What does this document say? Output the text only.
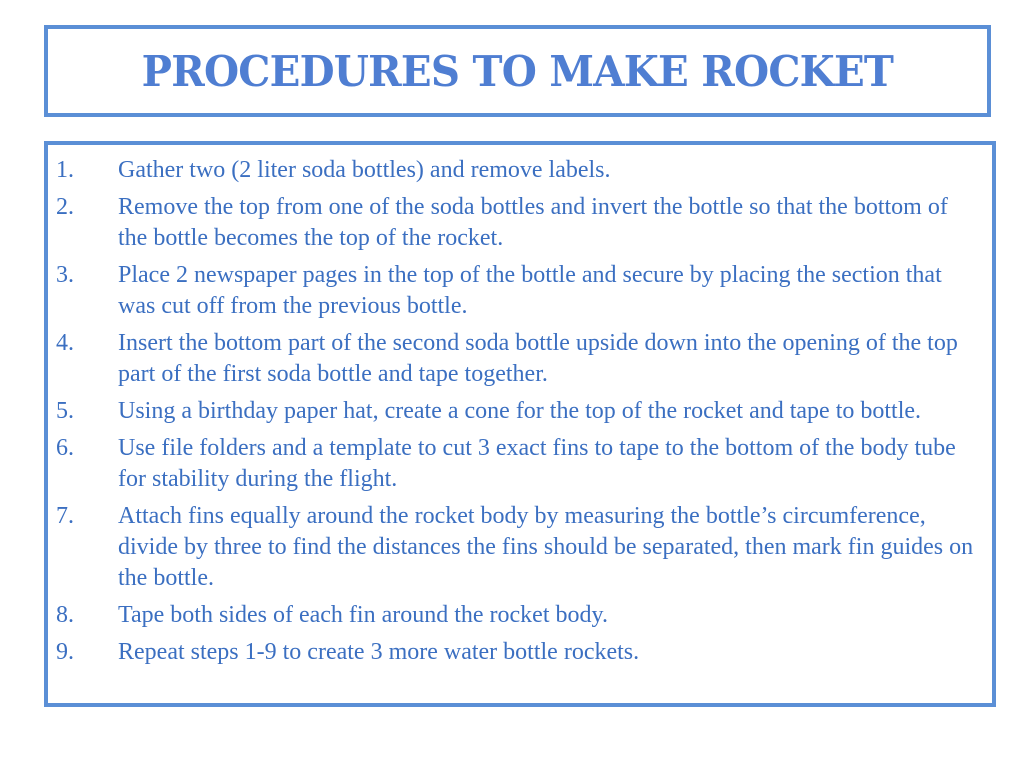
PROCEDURES TO MAKE ROCKET
1.	Gather two (2 liter soda bottles) and remove labels.
2.	Remove the top from one of the soda bottles and invert the bottle so that the bottom of the bottle becomes the top of the rocket.
3.	Place 2 newspaper pages in the top of the bottle and secure by placing the section that was cut off from the previous bottle.
4.	Insert the bottom part of the second soda bottle upside down into the opening of the top part of the first soda bottle and tape together.
5.	Using a birthday paper hat, create a cone for the top of the rocket and tape to bottle.
6.	Use file folders and a template to cut 3 exact fins to tape to the bottom of the body tube for stability during the flight.
7.	Attach fins equally around the rocket body by measuring the bottle’s circumference, divide by three to find the distances the fins should be separated, then mark fin guides on the bottle.
8.	Tape both sides of each fin around the rocket body.
9.	Repeat steps 1-9 to create 3 more water bottle rockets.
